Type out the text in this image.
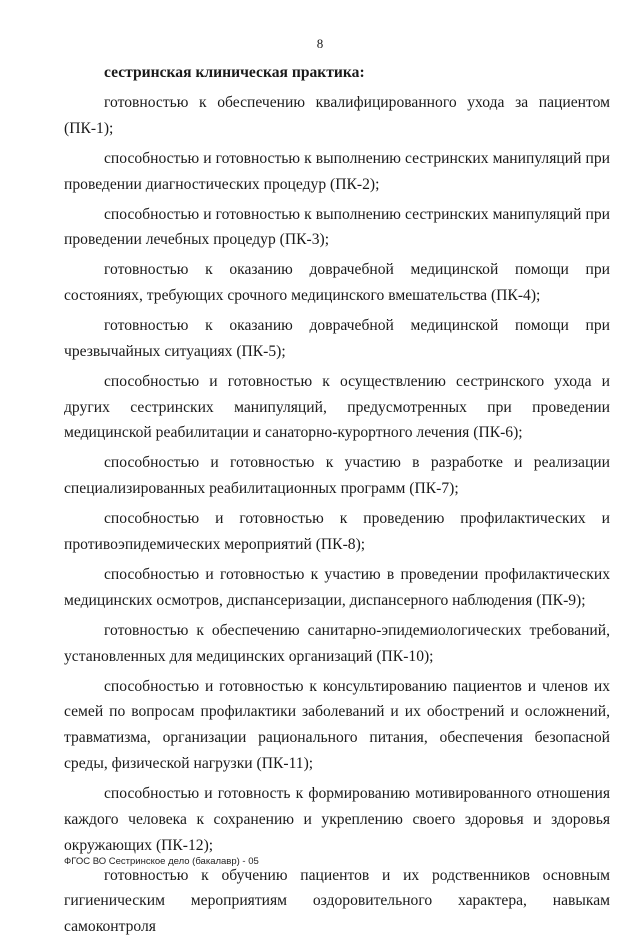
8

сестринская клиническая практика:

готовностью к обеспечению квалифицированного ухода за пациентом (ПК-1);

способностью и готовностью к выполнению сестринских манипуляций при проведении диагностических процедур (ПК-2);

способностью и готовностью к выполнению сестринских манипуляций при проведении лечебных процедур (ПК-3);

готовностью к оказанию доврачебной медицинской помощи при состояниях, требующих срочного медицинского вмешательства (ПК-4);

готовностью к оказанию доврачебной медицинской помощи при чрезвычайных ситуациях (ПК-5);

способностью и готовностью к осуществлению сестринского ухода и других сестринских манипуляций, предусмотренных при проведении медицинской реабилитации и санаторно-курортного лечения (ПК-6);

способностью и готовностью к участию в разработке и реализации специализированных реабилитационных программ (ПК-7);

способностью и готовностью к проведению профилактических и противоэпидемических мероприятий (ПК-8);

способностью и готовностью к участию в проведении профилактических медицинских осмотров, диспансеризации, диспансерного наблюдения (ПК-9);

готовностью к обеспечению санитарно-эпидемиологических требований, установленных для медицинских организаций (ПК-10);

способностью и готовностью к консультированию пациентов и членов их семей по вопросам профилактики заболеваний и их обострений и осложнений, травматизма, организации рационального питания, обеспечения безопасной среды, физической нагрузки (ПК-11);

способностью и готовность к формированию мотивированного отношения каждого человека к сохранению и укреплению своего здоровья и здоровья окружающих (ПК-12);

готовностью к обучению пациентов и их родственников основным гигиеническим мероприятиям оздоровительного характера, навыкам самоконтроля

ФГОС ВО Сестринское дело (бакалавр) - 05
